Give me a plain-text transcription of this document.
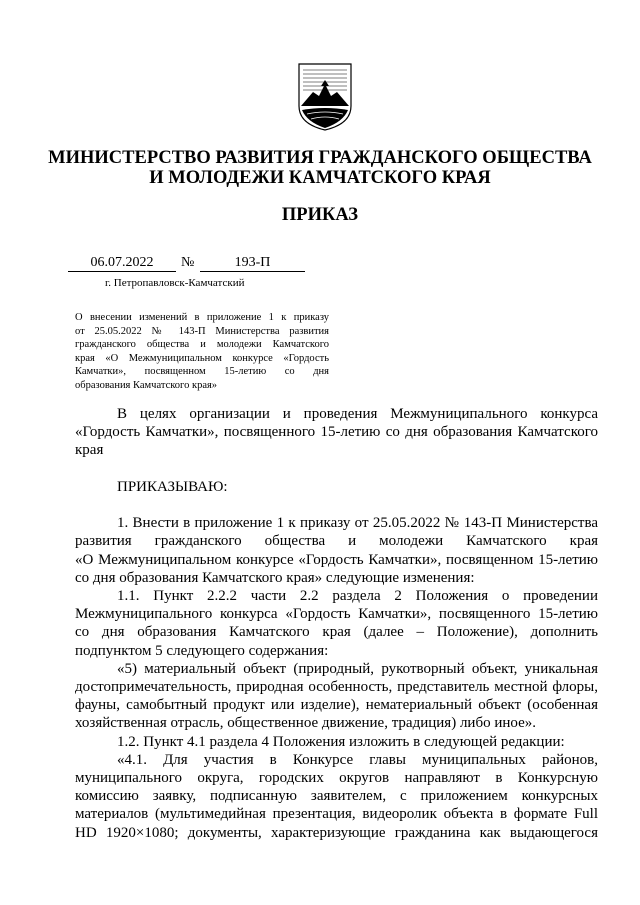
МИНИСТЕРСТВО РАЗВИТИЯ ГРАЖДАНСКОГО ОБЩЕСТВА
И МОЛОДЕЖИ КАМЧАТСКОГО КРАЯ
ПРИКАЗ
06.07.2022	№	193-П
г. Петропавловск-Камчатский
О внесении изменений в приложение 1 к приказу
от 25.05.2022 № 143-П Министерства развития
гражданского общества и молодежи Камчатского
края «О Межмуниципальном конкурсе «Гордость
Камчатки», посвященном 15-летию со дня
образования Камчатского края»
В целях организации и проведения Межмуниципального конкурса
«Гордость Камчатки», посвященного 15-летию со дня образования Камчатского
края
ПРИКАЗЫВАЮ:
1. Внести в приложение 1 к приказу от 25.05.2022 № 143-П Министерства
развития гражданского общества и молодежи Камчатского края
«О Межмуниципальном конкурсе «Гордость Камчатки», посвященном 15-летию
со дня образования Камчатского края» следующие изменения:
1.1. Пункт 2.2.2 части 2.2 раздела 2 Положения о проведении
Межмуниципального конкурса «Гордость Камчатки», посвященного 15-летию
со дня образования Камчатского края (далее – Положение), дополнить
подпунктом 5 следующего содержания:
«5) материальный объект (природный, рукотворный объект, уникальная
достопримечательность, природная особенность, представитель местной флоры,
фауны, самобытный продукт или изделие), нематериальный объект (особенная
хозяйственная отрасль, общественное движение, традиция) либо иное».
1.2. Пункт 4.1 раздела 4 Положения изложить в следующей редакции:
«4.1. Для участия в Конкурсе главы муниципальных районов,
муниципального округа, городских округов направляют в Конкурсную
комиссию заявку, подписанную заявителем, с приложением конкурсных
материалов (мультимедийная презентация, видеоролик объекта в формате Full
HD 1920×1080; документы, характеризующие гражданина как выдающегося
